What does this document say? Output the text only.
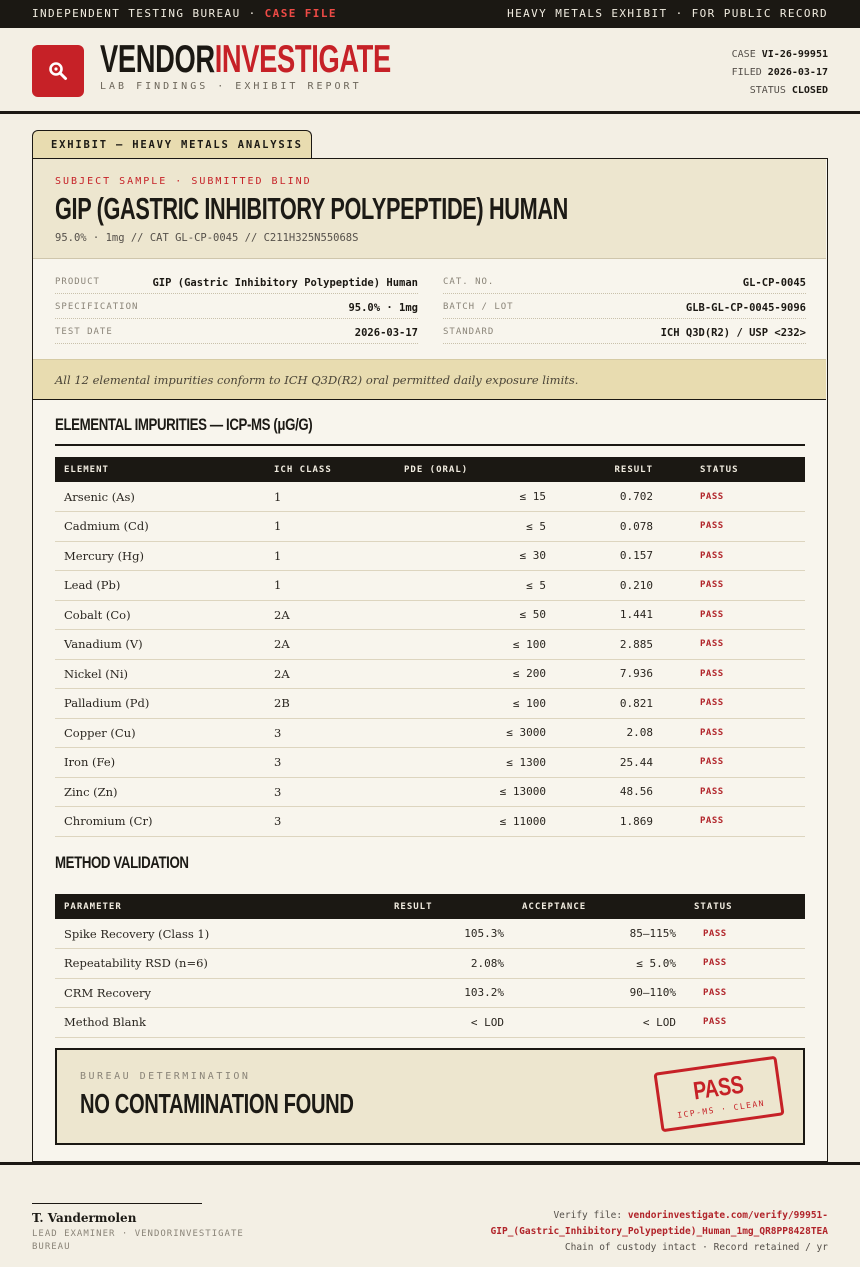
INDEPENDENT TESTING BUREAU · CASE FILE	HEAVY METALS EXHIBIT · FOR PUBLIC RECORD
VENDORINVESTIGATE
LAB FINDINGS · EXHIBIT REPORT
CASE VI-26-99951
FILED 2026-03-17
STATUS CLOSED
EXHIBIT — HEAVY METALS ANALYSIS
SUBJECT SAMPLE · SUBMITTED BLIND
GIP (GASTRIC INHIBITORY POLYPEPTIDE) HUMAN
95.0% · 1mg // CAT GL-CP-0045 // C211H325N55068S
PRODUCT	GIP (Gastric Inhibitory Polypeptide) Human
SPECIFICATION	95.0% · 1mg
TEST DATE	2026-03-17
CAT. NO.	GL-CP-0045
BATCH / LOT	GLB-GL-CP-0045-9096
STANDARD	ICH Q3D(R2) / USP <232>
All 12 elemental impurities conform to ICH Q3D(R2) oral permitted daily exposure limits.
ELEMENTAL IMPURITIES — ICP-MS (μG/G)
ELEMENT	ICH CLASS	PDE (ORAL)	RESULT	STATUS
Arsenic (As)	1	≤ 15	0.702	PASS
Cadmium (Cd)	1	≤ 5	0.078	PASS
Mercury (Hg)	1	≤ 30	0.157	PASS
Lead (Pb)	1	≤ 5	0.210	PASS
Cobalt (Co)	2A	≤ 50	1.441	PASS
Vanadium (V)	2A	≤ 100	2.885	PASS
Nickel (Ni)	2A	≤ 200	7.936	PASS
Palladium (Pd)	2B	≤ 100	0.821	PASS
Copper (Cu)	3	≤ 3000	2.08	PASS
Iron (Fe)	3	≤ 1300	25.44	PASS
Zinc (Zn)	3	≤ 13000	48.56	PASS
Chromium (Cr)	3	≤ 11000	1.869	PASS
METHOD VALIDATION
PARAMETER	RESULT	ACCEPTANCE	STATUS
Spike Recovery (Class 1)	105.3%	85–115%	PASS
Repeatability RSD (n=6)	2.08%	≤ 5.0%	PASS
CRM Recovery	103.2%	90–110%	PASS
Method Blank	< LOD	< LOD	PASS
BUREAU DETERMINATION
NO CONTAMINATION FOUND	PASS
ICP-MS · CLEAN
T. Vandermolen
LEAD EXAMINER · VENDORINVESTIGATE BUREAU
Verify file: vendorinvestigate.com/verify/99951-
GIP_(Gastric_Inhibitory_Polypeptide)_Human_1mg_QR8PP8428TEA
Chain of custody intact · Record retained / yr
